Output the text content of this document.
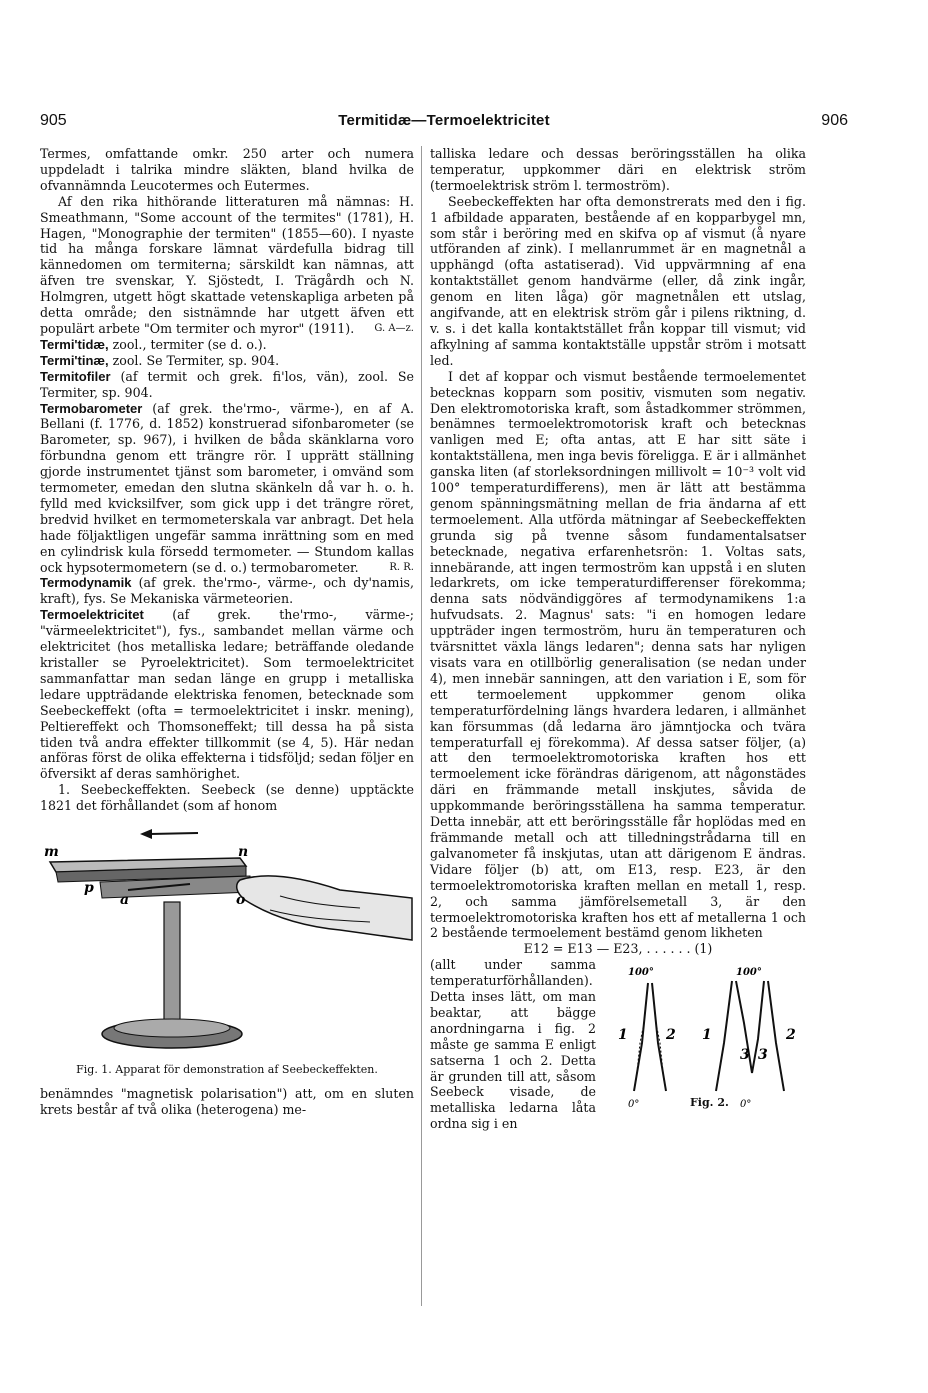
905	Termitidæ—Termoelektricitet	906

Termes, omfattande omkr. 250 arter och numera uppdeladt i talrika mindre släkten, bland hvilka de ofvannämnda Leucotermes och Eutermes.

Af den rika hithörande litteraturen må nämnas: H. Smeathmann, "Some account of the termites" (1781), H. Hagen, "Monographie der termiten" (1855—60). I nyaste tid ha många forskare lämnat värdefulla bidrag till kännedomen om termiterna; särskildt kan nämnas, att äfven tre svenskar, Y. Sjöstedt, I. Trägårdh och N. Holmgren, utgett högt skattade vetenskapliga arbeten på detta område; den sistnämnde har utgett äfven ett populärt arbete "Om termiter och myror" (1911).	G. A—z.

Termi'tidæ, zool., termiter (se d. o.).

Termi'tinæ, zool. Se Termiter, sp. 904.

Termitofiler (af termit och grek. fi'los, vän), zool. Se Termiter, sp. 904.

Termobarometer (af grek. the'rmo-, värme-), en af A. Bellani (f. 1776, d. 1852) konstruerad sifonbarometer (se Barometer, sp. 967), i hvilken de båda skänklarna voro förbundna genom ett trängre rör. I upprätt ställning gjorde instrumentet tjänst som barometer, i omvänd som termometer, emedan den slutna skänkeln då var h. o. h. fylld med kvicksilfver, som gick upp i det trängre röret, bredvid hvilket en termometerskala var anbragt. Det hela hade följaktligen ungefär samma inrättning som en med en cylindrisk kula försedd termometer. — Stundom kallas ock hypsotermometern (se d. o.) termobarometer.	R. R.

Termodynamik (af grek. the'rmo-, värme-, och dy'namis, kraft), fys. Se Mekaniska värmeteorien.

Termoelektricitet (af grek. the'rmo-, värme-; "värmeelektricitet"), fys., sambandet mellan värme och elektricitet (hos metalliska ledare; beträffande oledande kristaller se Pyroelektricitet). Som termoelektricitet sammanfattar man sedan länge en grupp i metalliska ledare uppträdande elektriska fenomen, betecknade som Seebeckeffekt (ofta = termoelektricitet i inskr. mening), Peltiereffekt och Thomsoneffekt; till dessa ha på sista tiden två andra effekter tillkommit (se 4, 5). Här nedan anföras först de olika effekterna i tidsföljd; sedan följer en öfversikt af deras samhörighet.

1. Seebeckeffekten. Seebeck (se denne) upptäckte 1821 det förhållandet (som af honom

m	n
p
a	o

Fig. 1. Apparat för demonstration af Seebeckeffekten.

benämndes "magnetisk polarisation") att, om en sluten krets består af två olika (heterogena) me-

talliska ledare och dessas beröringsställen ha olika temperatur, uppkommer däri en elektrisk ström (termoelektrisk ström l. termoström).

Seebeckeffekten har ofta demonstrerats med den i fig. 1 afbildade apparaten, bestående af en kopparbygel mn, som står i beröring med en skifva op af vismut (å nyare utföranden af zink). I mellanrummet är en magnetnål a upphängd (ofta astatiserad). Vid uppvärmning af ena kontaktstället genom handvärme (eller, då zink ingår, genom en liten låga) gör magnetnålen ett utslag, angifvande, att en elektrisk ström går i pilens riktning, d. v. s. i det kalla kontaktstället från koppar till vismut; vid afkylning af samma kontaktställe uppstår ström i motsatt led.

I det af koppar och vismut bestående termoelementet betecknas kopparn som positiv, vismuten som negativ. Den elektromotoriska kraft, som åstadkommer strömmen, benämnes termoelektromotorisk kraft och betecknas vanligen med E; ofta antas, att E har sitt säte i kontaktställena, men inga bevis föreligga. E är i allmänhet ganska liten (af storleksordningen millivolt = 10⁻³ volt vid 100° temperaturdifferens), men är lätt att bestämma genom spänningsmätning mellan de fria ändarna af ett termoelement. Alla utförda mätningar af Seebeckeffekten grunda sig på tvenne såsom fundamentalsatser betecknade, negativa erfarenhetsrön: 1. Voltas sats, innebärande, att ingen termoström kan uppstå i en sluten ledarkrets, om icke temperaturdifferenser förekomma; denna sats nödvändiggöres af termodynamikens 1:a hufvudsats. 2. Magnus' sats: "i en homogen ledare uppträder ingen termoström, huru än temperaturen och tvärsnittet växla längs ledaren"; denna sats har nyligen visats vara en otillbörlig generalisation (se nedan under 4), men innebär sanningen, att den variation i E, som för ett termoelement uppkommer genom olika temperaturfördelning längs hvardera ledaren, i allmänhet kan försummas (då ledarna äro jämntjocka och tvära temperaturfall ej förekomma). Af dessa satser följer, (a) att den termoelektromotoriska kraften hos ett termoelement icke förändras därigenom, att någonstädes däri en främmande metall inskjutes, såvida de uppkommande beröringsställena ha samma temperatur. Detta innebär, att ett beröringsställe får hoplödas med en främmande metall och att tilledningstrådarna till en galvanometer få inskjutas, utan att därigenom E ändras. Vidare följer (b) att, om E13, resp. E23, är den termoelektromotoriska kraften mellan en metall 1, resp. 2, och samma jämförelsemetall 3, är den termoelektromotoriska kraften hos ett af metallerna 1 och 2 bestående termoelement bestämd genom likheten

E12 = E13 — E23, . . . . . . (1)

100°	100°
1	2 1
3 3
2
0°	0°
Fig. 2.

(allt under samma temperaturförhållanden). Detta inses lätt, om man beaktar, att bägge anordningarna i fig. 2 måste ge samma E enligt satserna 1 och 2. Detta är grunden till att, såsom Seebeck visade, de metalliska ledarna låta ordna sig i en
